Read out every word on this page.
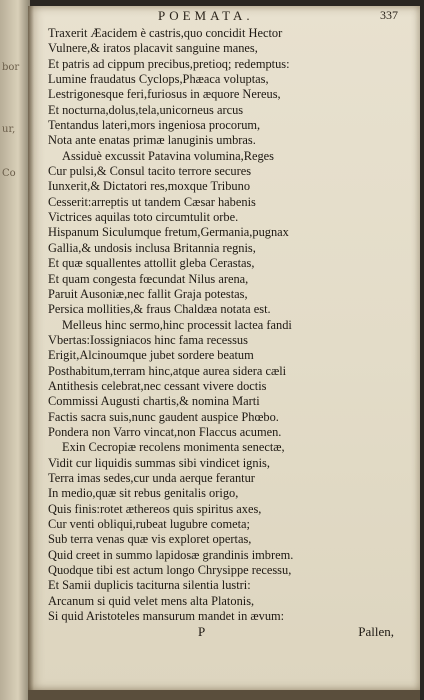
bor
ur,
Co
POEMATA.	337
Traxerit Æacidem è castris,quo concidit Hector
Vulnere,& iratos placavit sanguine manes,
Et patris ad cippum precibus,pretioq; redemptus:
Lumine fraudatus Cyclops,Phæaca voluptas,
Lestrigonesque feri,furiosus in æquore Nereus,
Et nocturna,dolus,tela,unicorneus arcus
Tentandus lateri,mors ingeniosa procorum,
Nota ante enatas primæ lanuginis umbras.
Assiduè excussit Patavina volumina,Reges
Cur pulsi,& Consul tacito terrore secures
Iunxerit,& Dictatori res,moxque Tribuno
Cesserit:arreptis ut tandem Cæsar habenis
Victrices aquilas toto circumtulit orbe.
Hispanum Siculumque fretum,Germania,pugnax
Gallia,& undosis inclusa Britannia regnis,
Et quæ squallentes attollit gleba Cerastas,
Et quam congesta fœcundat Nilus arena,
Paruit Ausoniæ,nec fallit Graja potestas,
Persica mollities,& fraus Chaldæa notata est.
Melleus hinc sermo,hinc processit lactea fandi
Vbertas:Iossigniacos hinc fama recessus
Erigit,Alcinoumque jubet sordere beatum
Posthabitum,terram hinc,atque aurea sidera cæli
Antithesis celebrat,nec cessant vivere doctis
Commissi Augusti chartis,& nomina Marti
Factis sacra suis,nunc gaudent auspice Phœbo.
Pondera non Varro vincat,non Flaccus acumen.
Exin Cecropiæ recolens monimenta senectæ,
Vidit cur liquidis summas sibi vindicet ignis,
Terra imas sedes,cur unda aerque ferantur
In medio,quæ sit rebus genitalis origo,
Quis finis:rotet æthereos quis spiritus axes,
Cur venti obliqui,rubeat lugubre cometa;
Sub terra venas quæ vis exploret opertas,
Quid creet in summo lapidosæ grandinis imbrem.
Quodque tibi est actum longo Chrysippe recessu,
Et Samii duplicis taciturna silentia lustri:
Arcanum si quid velet mens alta Platonis,
Si quid Aristoteles mansurum mandet in ævum:
P	Pallen,
